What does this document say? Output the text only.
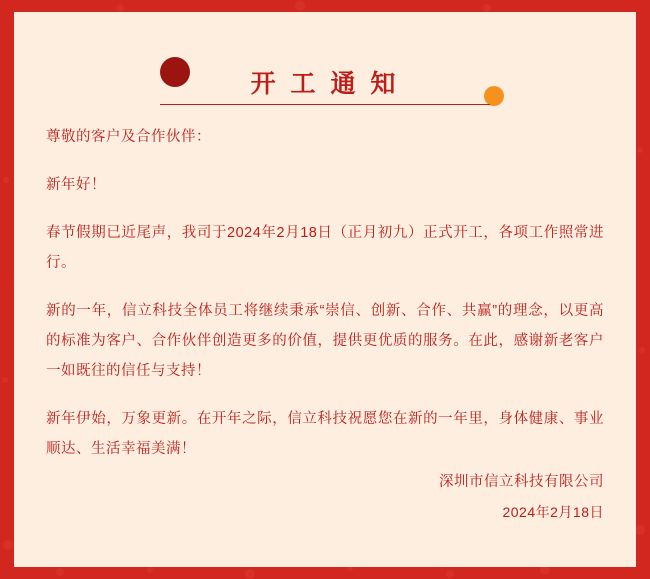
开 工 通 知

尊敬的客户及合作伙伴：

新年好！

春节假期已近尾声，我司于2024年2月18日（正月初九）正式开工，各项工作照常进行。

新的一年，信立科技全体员工将继续秉承“崇信、创新、合作、共赢”的理念，以更高的标准为客户、合作伙伴创造更多的价值，提供更优质的服务。在此，感谢新老客户一如既往的信任与支持！

新年伊始，万象更新。在开年之际，信立科技祝愿您在新的一年里，身体健康、事业顺达、生活幸福美满！

深圳市信立科技有限公司
2024年2月18日
